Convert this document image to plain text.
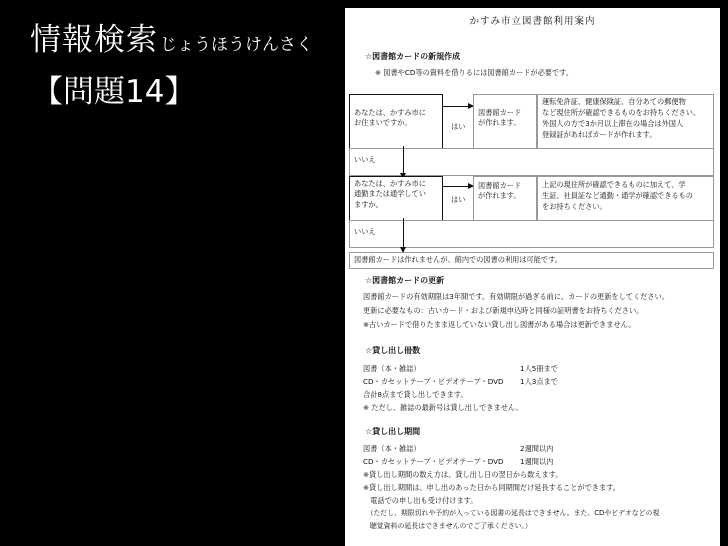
情報検索 じょうほうけんさく
【問題14】
かすみ市立図書館利用案内
☆図書館カードの新規作成
※ 図書やCD等の資料を借りるには図書館カードが必要です。
あなたは、かすみ市に
お住まいですか。	はい
図書館カード
が作れます。
運転免許証、健康保険証、自分あての郵便物
など現住所が確認できるものをお持ちください。
外国人の方で3か月以上滞在の場合は外国人
登録証があればカードが作れます。
いいえ
あなたは、かすみ市に
通勤または通学してい
ますか。
はい
図書館カード
が作れます。
上記の現住所が確認できるものに加えて、学
生証、社員証など通勤・通学が確認できるもの
をお持ちください。
いいえ
図書館カードは作れませんが、館内での図書の利用は可能です。
☆図書館カードの更新
図書館カードの有効期限は3年間です。有効期限が過ぎる前に、カードの更新をしてください。
更新に必要なもの：古いカード・および新規申込時と同様の証明書をお持ちください。
※古いカードで借りたまま返していない貸し出し図書がある場合は更新できません。
☆貸し出し冊数
図書（本・雑誌）	1人5冊まで
CD・カセットテープ・ビデオテープ・DVD 1人3点まで
合計8点まで貸し出しできます。
※ ただし、雑誌の最新号は貸し出しできません。
☆貸し出し期間
図書（本・雑誌）	2週間以内
CD・カセットテープ・ビデオテープ・DVD 1週間以内
※貸し出し期間の数え方は、貸し出し日の翌日から数えます。
※貸し出し期間は、申し出のあった日から同期間だけ延長することができます。
　電話での申し出も受け付けます。
　（ただし、期限切れや予約が入っている図書の延長はできません。また、CDやビデオなどの視
　聴覚資料の延長はできませんのでご了承ください。）
